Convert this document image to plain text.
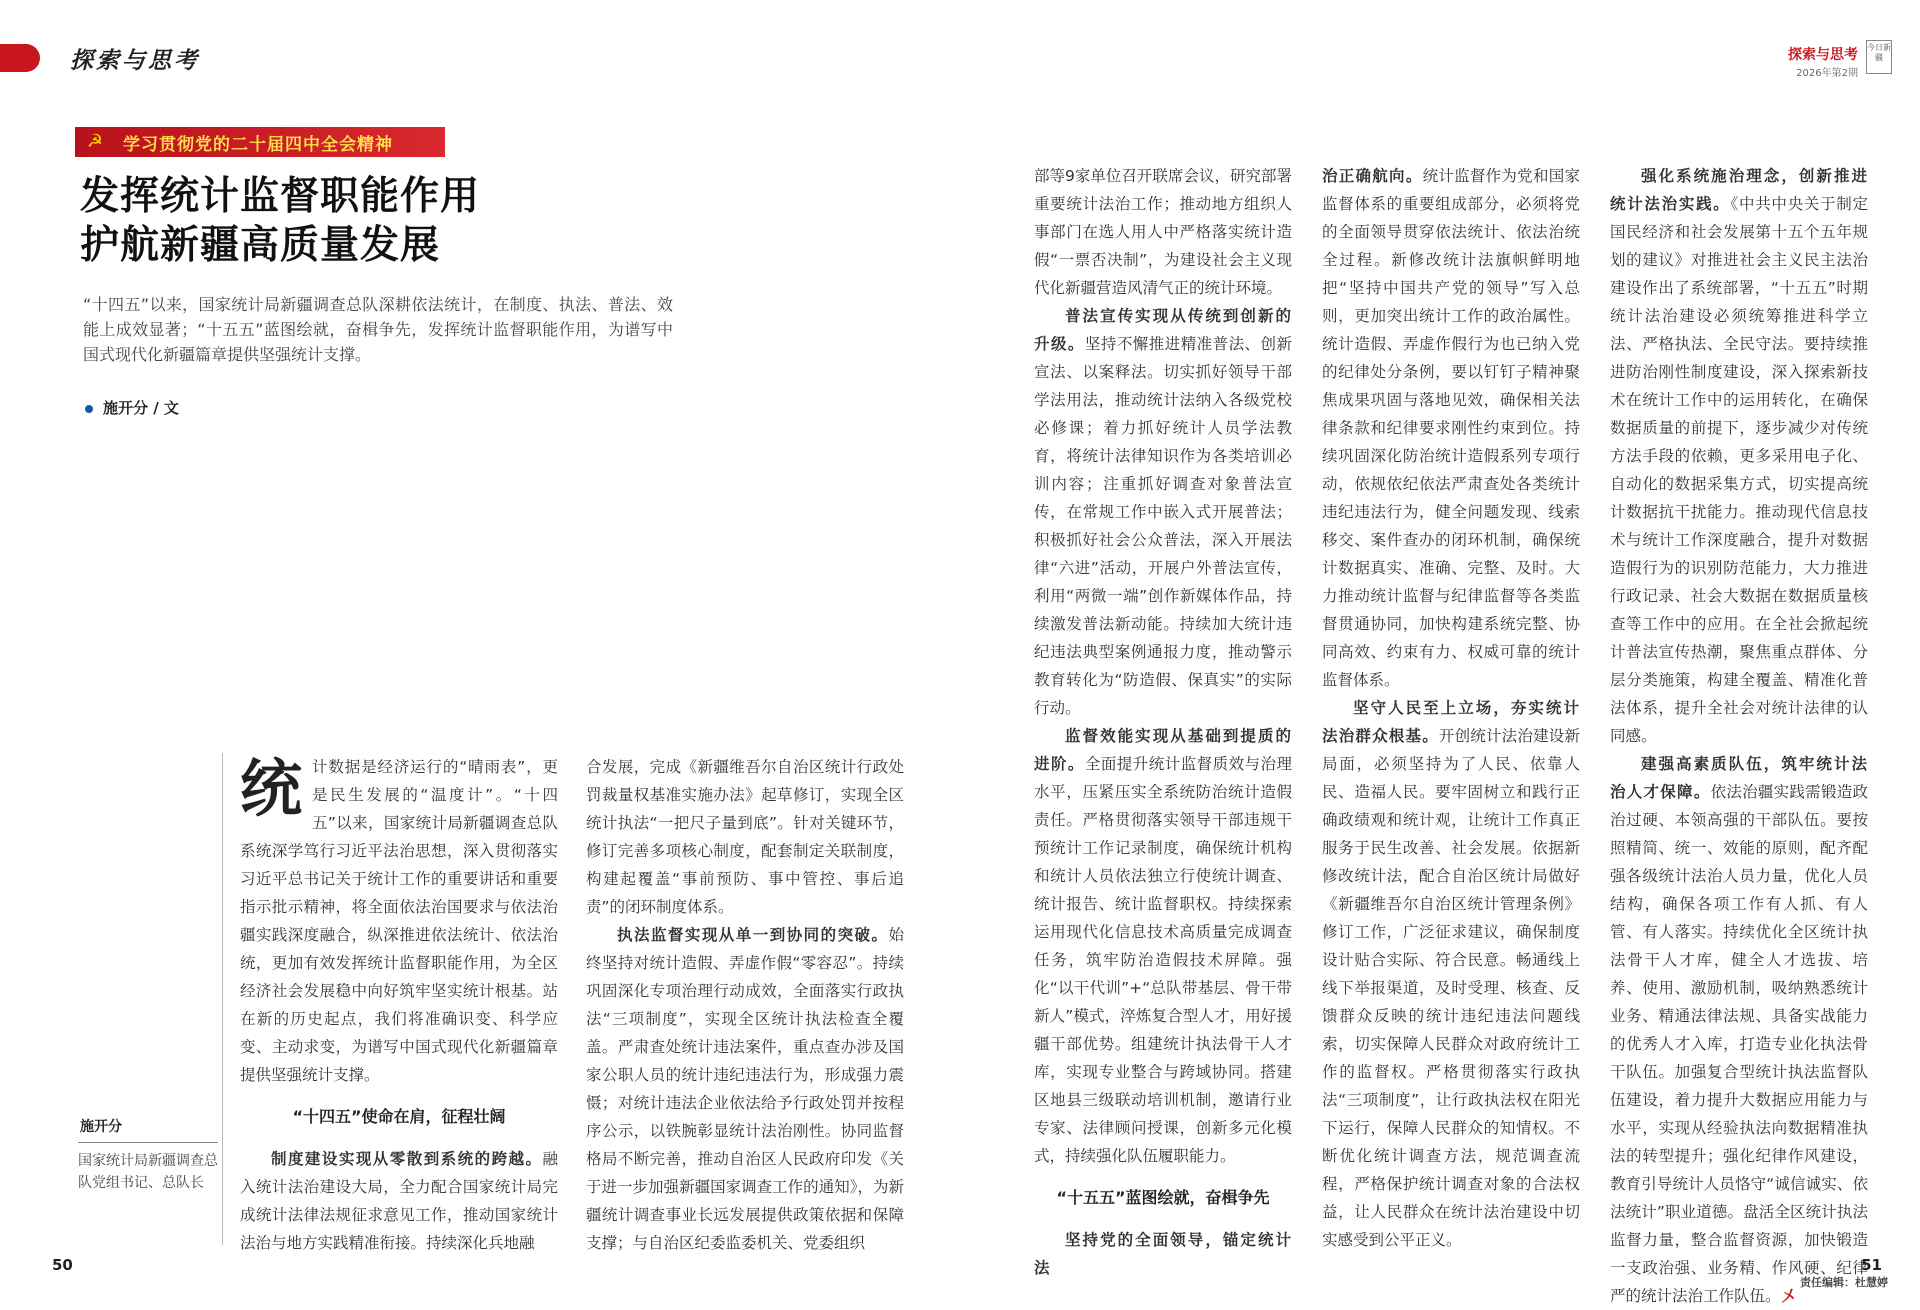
探索与思考	探索与思考
2026年第2期
今日新疆
☭	学习贯彻党的二十届四中全会精神
发挥统计监督职能作用
护航新疆高质量发展
“十四五”以来，国家统计局新疆调查总队深耕依法统计，在制度、执法、普法、效能上成效显著；“十五五”蓝图绘就，奋楫争先，发挥统计监督职能作用，为谱写中国式现代化新疆篇章提供坚强统计支撑。
施开分 / 文

统计数据是经济运行的“晴雨表”，更是民生发展的“温度计”。“十四五”以来，国家统计局新疆调查总队系统深学笃行习近平法治思想，深入贯彻落实习近平总书记关于统计工作的重要讲话和重要指示批示精神，将全面依法治国要求与依法治疆实践深度融合，纵深推进依法统计、依法治统，更加有效发挥统计监督职能作用，为全区经济社会发展稳中向好筑牢坚实统计根基。站在新的历史起点，我们将准确识变、科学应变、主动求变，为谱写中国式现代化新疆篇章提供坚强统计支撑。

“十四五”使命在肩，征程壮阔

制度建设实现从零散到系统的跨越。融入统计法治建设大局，全力配合国家统计局完成统计法律法规征求意见工作，推动国家统计法治与地方实践精准衔接。持续深化兵地融

合发展，完成《新疆维吾尔自治区统计行政处罚裁量权基准实施办法》起草修订，实现全区统计执法“一把尺子量到底”。针对关键环节，修订完善多项核心制度，配套制定关联制度，构建起覆盖“事前预防、事中管控、事后追责”的闭环制度体系。

执法监督实现从单一到协同的突破。始终坚持对统计造假、弄虚作假“零容忍”。持续巩固深化专项治理行动成效，全面落实行政执法“三项制度”，实现全区统计执法检查全覆盖。严肃查处统计违法案件，重点查办涉及国家公职人员的统计违纪违法行为，形成强力震慑；对统计违法企业依法给予行政处罚并按程序公示，以铁腕彰显统计法治刚性。协同监督格局不断完善，推动自治区人民政府印发《关于进一步加强新疆国家调查工作的通知》，为新疆统计调查事业长远发展提供政策依据和保障支撑；与自治区纪委监委机关、党委组织

部等9家单位召开联席会议，研究部署重要统计法治工作；推动地方组织人事部门在选人用人中严格落实统计造假“一票否决制”，为建设社会主义现代化新疆营造风清气正的统计环境。

普法宣传实现从传统到创新的升级。坚持不懈推进精准普法、创新宣法、以案释法。切实抓好领导干部学法用法，推动统计法纳入各级党校必修课；着力抓好统计人员学法教育，将统计法律知识作为各类培训必训内容；注重抓好调查对象普法宣传，在常规工作中嵌入式开展普法；积极抓好社会公众普法，深入开展法律“六进”活动，开展户外普法宣传，利用“两微一端”创作新媒体作品，持续激发普法新动能。持续加大统计违纪违法典型案例通报力度，推动警示教育转化为“防造假、保真实”的实际行动。

监督效能实现从基础到提质的进阶。全面提升统计监督质效与治理水平，压紧压实全系统防治统计造假责任。严格贯彻落实领导干部违规干预统计工作记录制度，确保统计机构和统计人员依法独立行使统计调查、统计报告、统计监督职权。持续探索运用现代化信息技术高质量完成调查任务，筑牢防治造假技术屏障。强化“以干代训”+“总队带基层、骨干带新人”模式，淬炼复合型人才，用好援疆干部优势。组建统计执法骨干人才库，实现专业整合与跨域协同。搭建区地县三级联动培训机制，邀请行业专家、法律顾问授课，创新多元化模式，持续强化队伍履职能力。

“十五五”蓝图绘就，奋楫争先

坚持党的全面领导，锚定统计法

治正确航向。统计监督作为党和国家监督体系的重要组成部分，必须将党的全面领导贯穿依法统计、依法治统全过程。新修改统计法旗帜鲜明地把“坚持中国共产党的领导”写入总则，更加突出统计工作的政治属性。统计造假、弄虚作假行为也已纳入党的纪律处分条例，要以钉钉子精神聚焦成果巩固与落地见效，确保相关法律条款和纪律要求刚性约束到位。持续巩固深化防治统计造假系列专项行动，依规依纪依法严肃查处各类统计违纪违法行为，健全问题发现、线索移交、案件查办的闭环机制，确保统计数据真实、准确、完整、及时。大力推动统计监督与纪律监督等各类监督贯通协同，加快构建系统完整、协同高效、约束有力、权威可靠的统计监督体系。

坚守人民至上立场，夯实统计法治群众根基。开创统计法治建设新局面，必须坚持为了人民、依靠人民、造福人民。要牢固树立和践行正确政绩观和统计观，让统计工作真正服务于民生改善、社会发展。依据新修改统计法，配合自治区统计局做好《新疆维吾尔自治区统计管理条例》修订工作，广泛征求建议，确保制度设计贴合实际、符合民意。畅通线上线下举报渠道，及时受理、核查、反馈群众反映的统计违纪违法问题线索，切实保障人民群众对政府统计工作的监督权。严格贯彻落实行政执法“三项制度”，让行政执法权在阳光下运行，保障人民群众的知情权。不断优化统计调查方法，规范调查流程，严格保护统计调查对象的合法权益，让人民群众在统计法治建设中切实感受到公平正义。

强化系统施治理念，创新推进统计法治实践。《中共中央关于制定国民经济和社会发展第十五个五年规划的建议》对推进社会主义民主法治建设作出了系统部署，“十五五”时期统计法治建设必须统筹推进科学立法、严格执法、全民守法。要持续推进防治刚性制度建设，深入探索新技术在统计工作中的运用转化，在确保数据质量的前提下，逐步减少对传统方法手段的依赖，更多采用电子化、自动化的数据采集方式，切实提高统计数据抗干扰能力。推动现代信息技术与统计工作深度融合，提升对数据造假行为的识别防范能力，大力推进行政记录、社会大数据在数据质量核查等工作中的应用。在全社会掀起统计普法宣传热潮，聚焦重点群体、分层分类施策，构建全覆盖、精准化普法体系，提升全社会对统计法律的认同感。

建强高素质队伍，筑牢统计法治人才保障。依法治疆实践需锻造政治过硬、本领高强的干部队伍。要按照精简、统一、效能的原则，配齐配强各级统计法治人员力量，优化人员结构，确保各项工作有人抓、有人管、有人落实。持续优化全区统计执法骨干人才库，健全人才选拔、培养、使用、激励机制，吸纳熟悉统计业务、精通法律法规、具备实战能力的优秀人才入库，打造专业化执法骨干队伍。加强复合型统计执法监督队伍建设，着力提升大数据应用能力与水平，实现从经验执法向数据精准执法的转型提升；强化纪律作风建设，教育引导统计人员恪守“诚信诚实、依法统计”职业道德。盘活全区统计执法监督力量，整合监督资源，加快锻造一支政治强、业务精、作风硬、纪律严的统计法治工作队伍。〤

施开分
国家统计局新疆调查总队党组书记、总队长
50	51
责任编辑：杜慧婷
